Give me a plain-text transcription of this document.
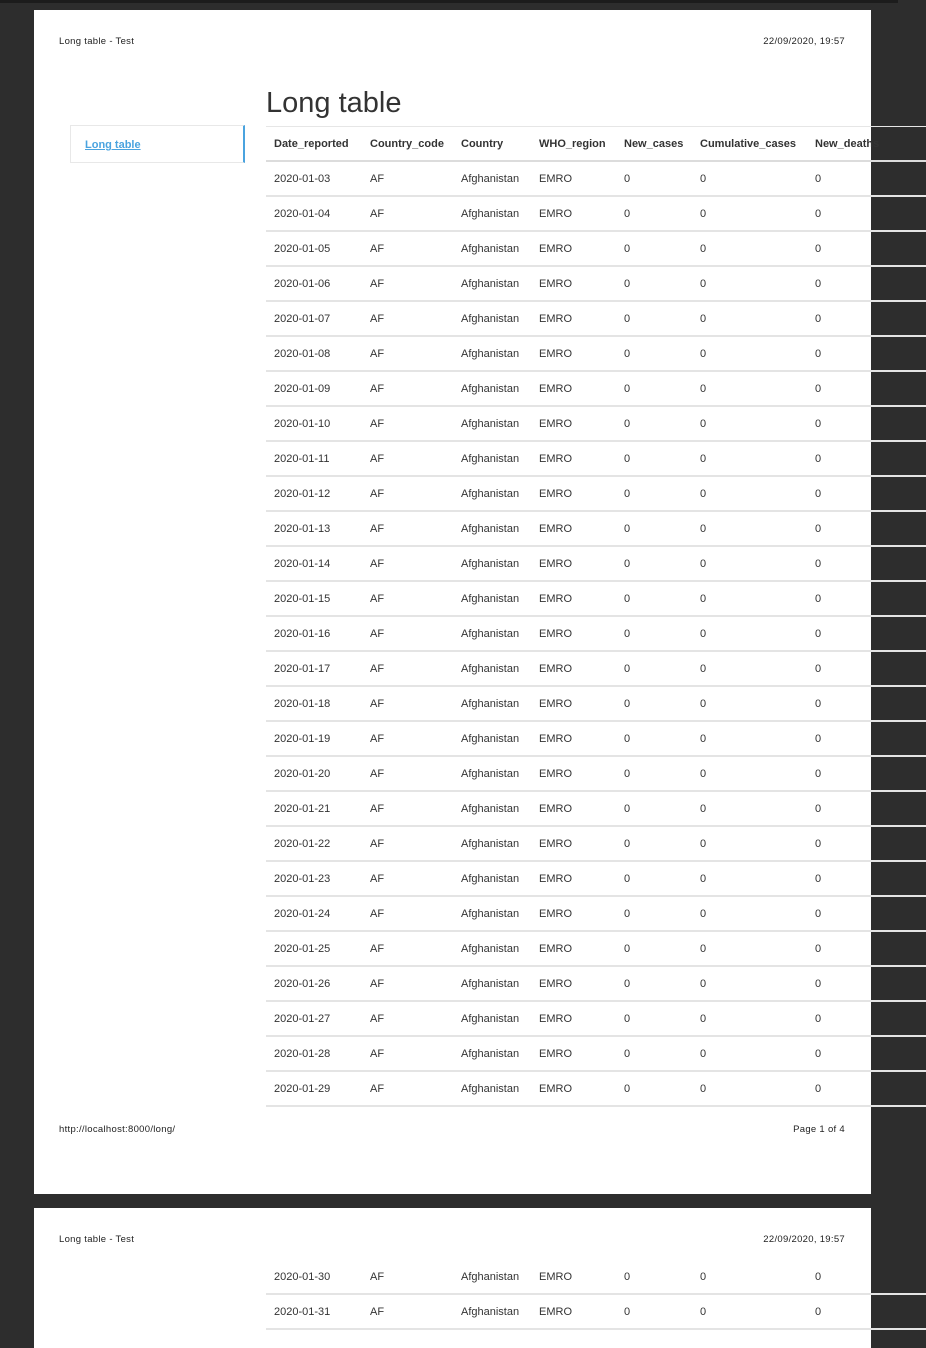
Long table - Test	22/09/2020, 19:57
Long table
Long table
Date_reported	Country_code	Country	WHO_region	New_cases	Cumulative_cases	New_deaths
2020-01-03	AF	Afghanistan	EMRO	0	0	0
2020-01-04	AF	Afghanistan	EMRO	0	0	0
2020-01-05	AF	Afghanistan	EMRO	0	0	0
2020-01-06	AF	Afghanistan	EMRO	0	0	0
2020-01-07	AF	Afghanistan	EMRO	0	0	0
2020-01-08	AF	Afghanistan	EMRO	0	0	0
2020-01-09	AF	Afghanistan	EMRO	0	0	0
2020-01-10	AF	Afghanistan	EMRO	0	0	0
2020-01-11	AF	Afghanistan	EMRO	0	0	0
2020-01-12	AF	Afghanistan	EMRO	0	0	0
2020-01-13	AF	Afghanistan	EMRO	0	0	0
2020-01-14	AF	Afghanistan	EMRO	0	0	0
2020-01-15	AF	Afghanistan	EMRO	0	0	0
2020-01-16	AF	Afghanistan	EMRO	0	0	0
2020-01-17	AF	Afghanistan	EMRO	0	0	0
2020-01-18	AF	Afghanistan	EMRO	0	0	0
2020-01-19	AF	Afghanistan	EMRO	0	0	0
2020-01-20	AF	Afghanistan	EMRO	0	0	0
2020-01-21	AF	Afghanistan	EMRO	0	0	0
2020-01-22	AF	Afghanistan	EMRO	0	0	0
2020-01-23	AF	Afghanistan	EMRO	0	0	0
2020-01-24	AF	Afghanistan	EMRO	0	0	0
2020-01-25	AF	Afghanistan	EMRO	0	0	0
2020-01-26	AF	Afghanistan	EMRO	0	0	0
2020-01-27	AF	Afghanistan	EMRO	0	0	0
2020-01-28	AF	Afghanistan	EMRO	0	0	0
2020-01-29	AF	Afghanistan	EMRO	0	0	0
http://localhost:8000/long/	Page 1 of 4
Long table - Test	22/09/2020, 19:57
2020-01-30	AF	Afghanistan	EMRO	0	0	0
2020-01-31	AF	Afghanistan	EMRO	0	0	0
